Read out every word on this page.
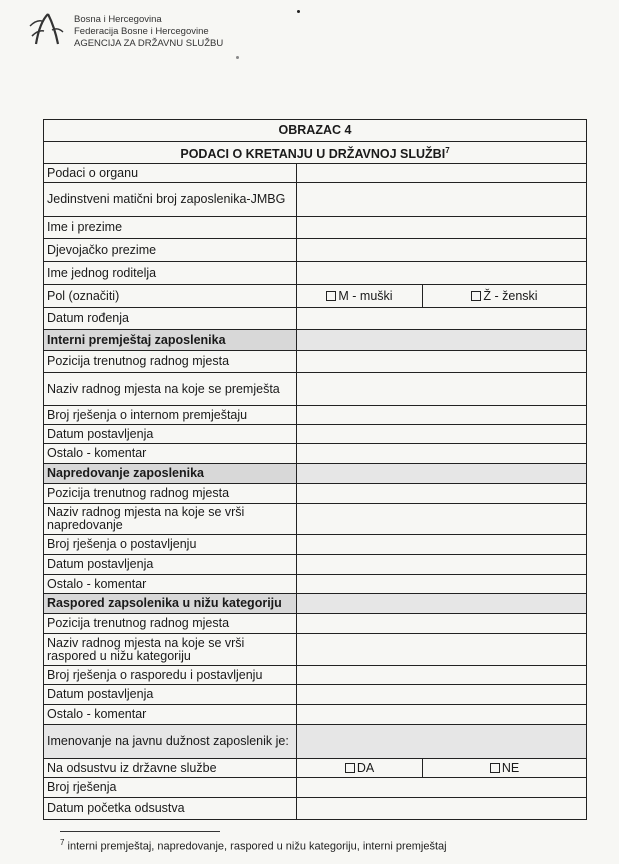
Bosna i Hercegovina
Federacija Bosne i Hercegovine
AGENCIJA ZA DRŽAVNU SLUŽBU
OBRAZAC 4		
PODACI O KRETANJU U DRŽAVNOJ SLUŽBI$^7$
Podaci o organu		
Jedinstveni matični broj zaposlenika-JMBG		
Ime i prezime		
Djevojačko prezime		
Ime jednog roditelja		
Pol (označiti)	M - muški	Ž - ženski
Datum rođenja		
Interni premještaj zaposlenika		
Pozicija trenutnog radnog mjesta		
Naziv radnog mjesta na koje se premješta		
Broj rješenja o internom premještaju		
Datum postavljenja		
Ostalo - komentar		
Napredovanje zaposlenika		
Pozicija trenutnog radnog mjesta		
Naziv radnog mjesta na koje se vrši napredovanje		
Broj rješenja o postavljenju		
Datum postavljenja		
Ostalo - komentar		
Raspored zapsolenika u nižu kategoriju		
Pozicija trenutnog radnog mjesta		
Naziv radnog mjesta na koje se vrši raspored u nižu kategoriju		
Broj rješenja o rasporedu i postavljenju		
Datum postavljenja		
Ostalo - komentar		
Imenovanje na javnu dužnost zaposlenik je:		
Na odsustvu iz državne službe	DA	NE
Broj rješenja		
Datum početka odsustva		
$^7$ interni premještaj, napredovanje, raspored u nižu kategoriju, interni premještaj
